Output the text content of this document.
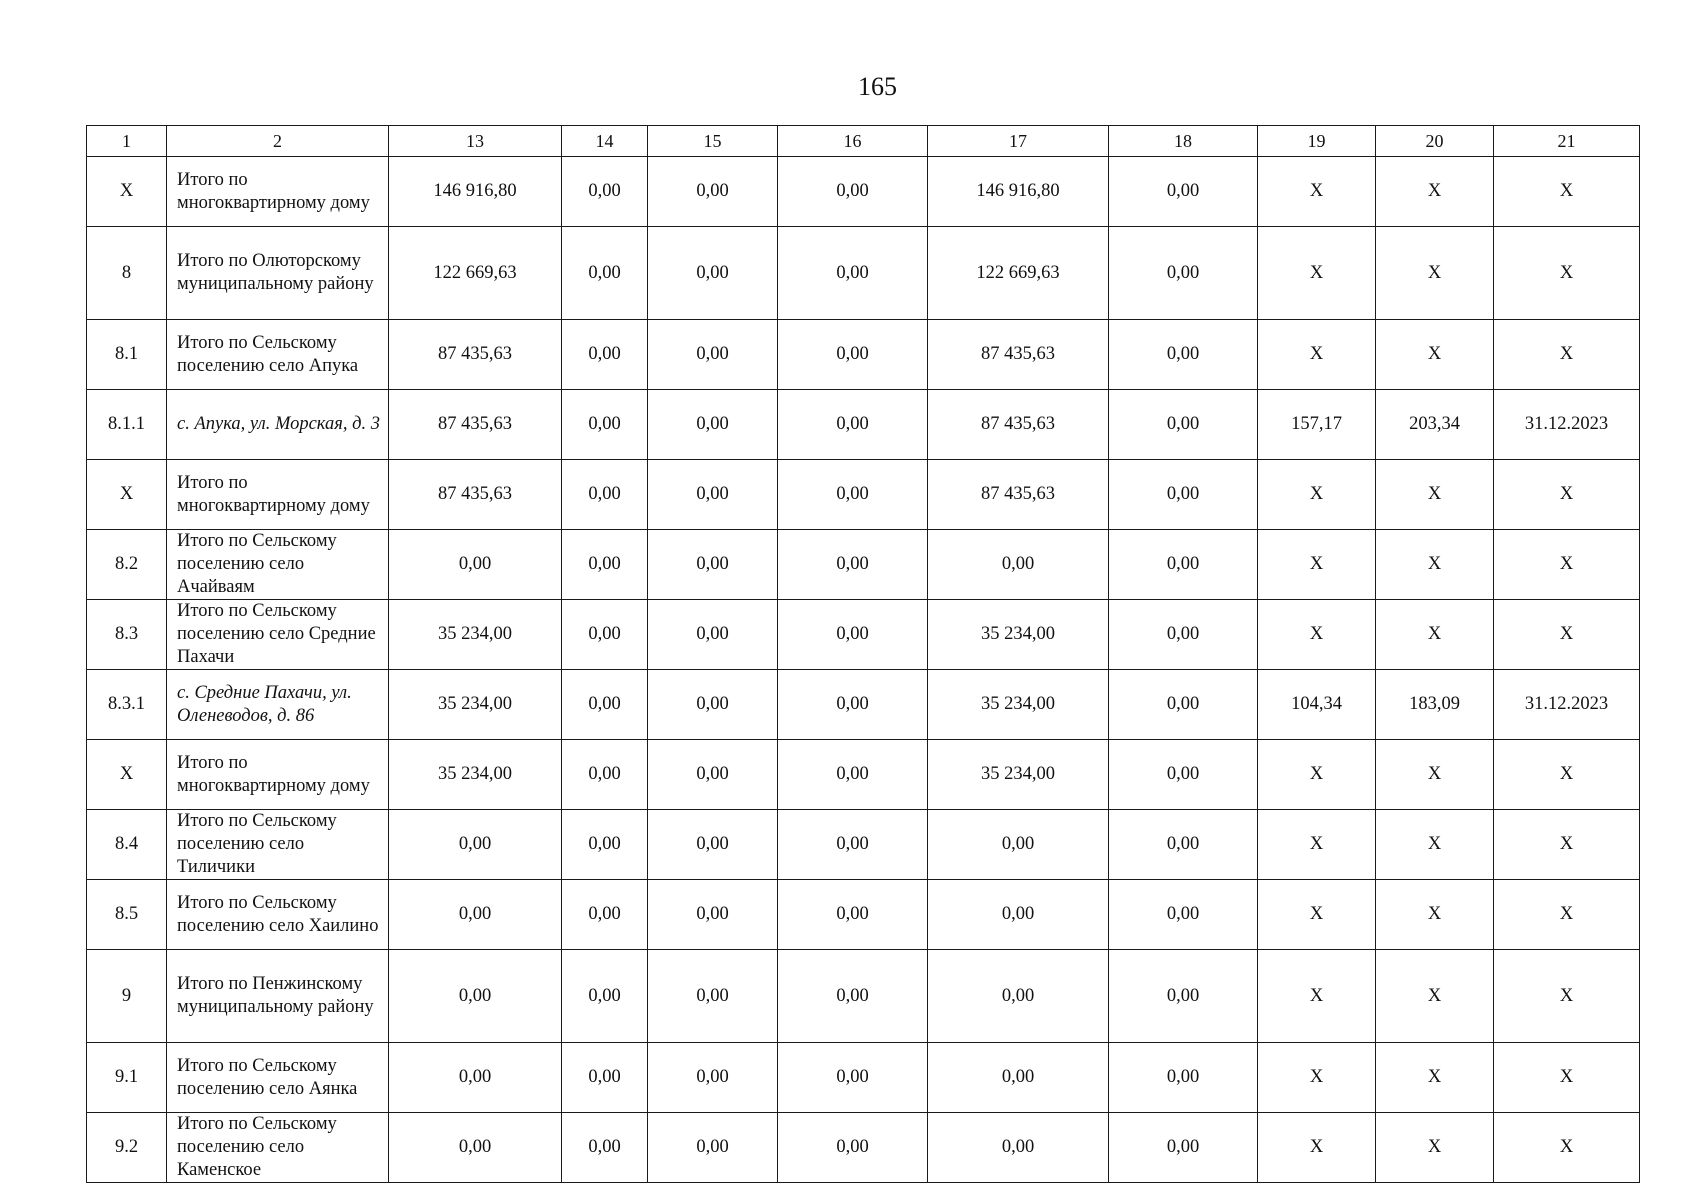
165
1	2	13	14	15	16	17	18	19	20	21
X	Итого по многоквартирному дому	146 916,80	0,00	0,00	0,00	146 916,80	0,00	X	X	X
8	Итого по Олюторскому муниципальному району	122 669,63	0,00	0,00	0,00	122 669,63	0,00	X	X	X
8.1	Итого по Сельскому поселению село Апука	87 435,63	0,00	0,00	0,00	87 435,63	0,00	X	X	X
8.1.1	с. Апука, ул. Морская, д. 3	87 435,63	0,00	0,00	0,00	87 435,63	0,00	157,17	203,34	31.12.2023
X	Итого по многоквартирному дому	87 435,63	0,00	0,00	0,00	87 435,63	0,00	X	X	X
8.2	Итого по Сельскому поселению село Ачайваям	0,00	0,00	0,00	0,00	0,00	0,00	X	X	X
8.3	Итого по Сельскому поселению село Средние Пахачи	35 234,00	0,00	0,00	0,00	35 234,00	0,00	X	X	X
8.3.1	с. Средние Пахачи, ул. Оленеводов, д. 86	35 234,00	0,00	0,00	0,00	35 234,00	0,00	104,34	183,09	31.12.2023
X	Итого по многоквартирному дому	35 234,00	0,00	0,00	0,00	35 234,00	0,00	X	X	X
8.4	Итого по Сельскому поселению село Тиличики	0,00	0,00	0,00	0,00	0,00	0,00	X	X	X
8.5	Итого по Сельскому поселению село Хаилино	0,00	0,00	0,00	0,00	0,00	0,00	X	X	X
9	Итого по Пенжинскому муниципальному району	0,00	0,00	0,00	0,00	0,00	0,00	X	X	X
9.1	Итого по Сельскому поселению село Аянка	0,00	0,00	0,00	0,00	0,00	0,00	X	X	X
9.2	Итого по Сельскому поселению село Каменское	0,00	0,00	0,00	0,00	0,00	0,00	X	X	X
